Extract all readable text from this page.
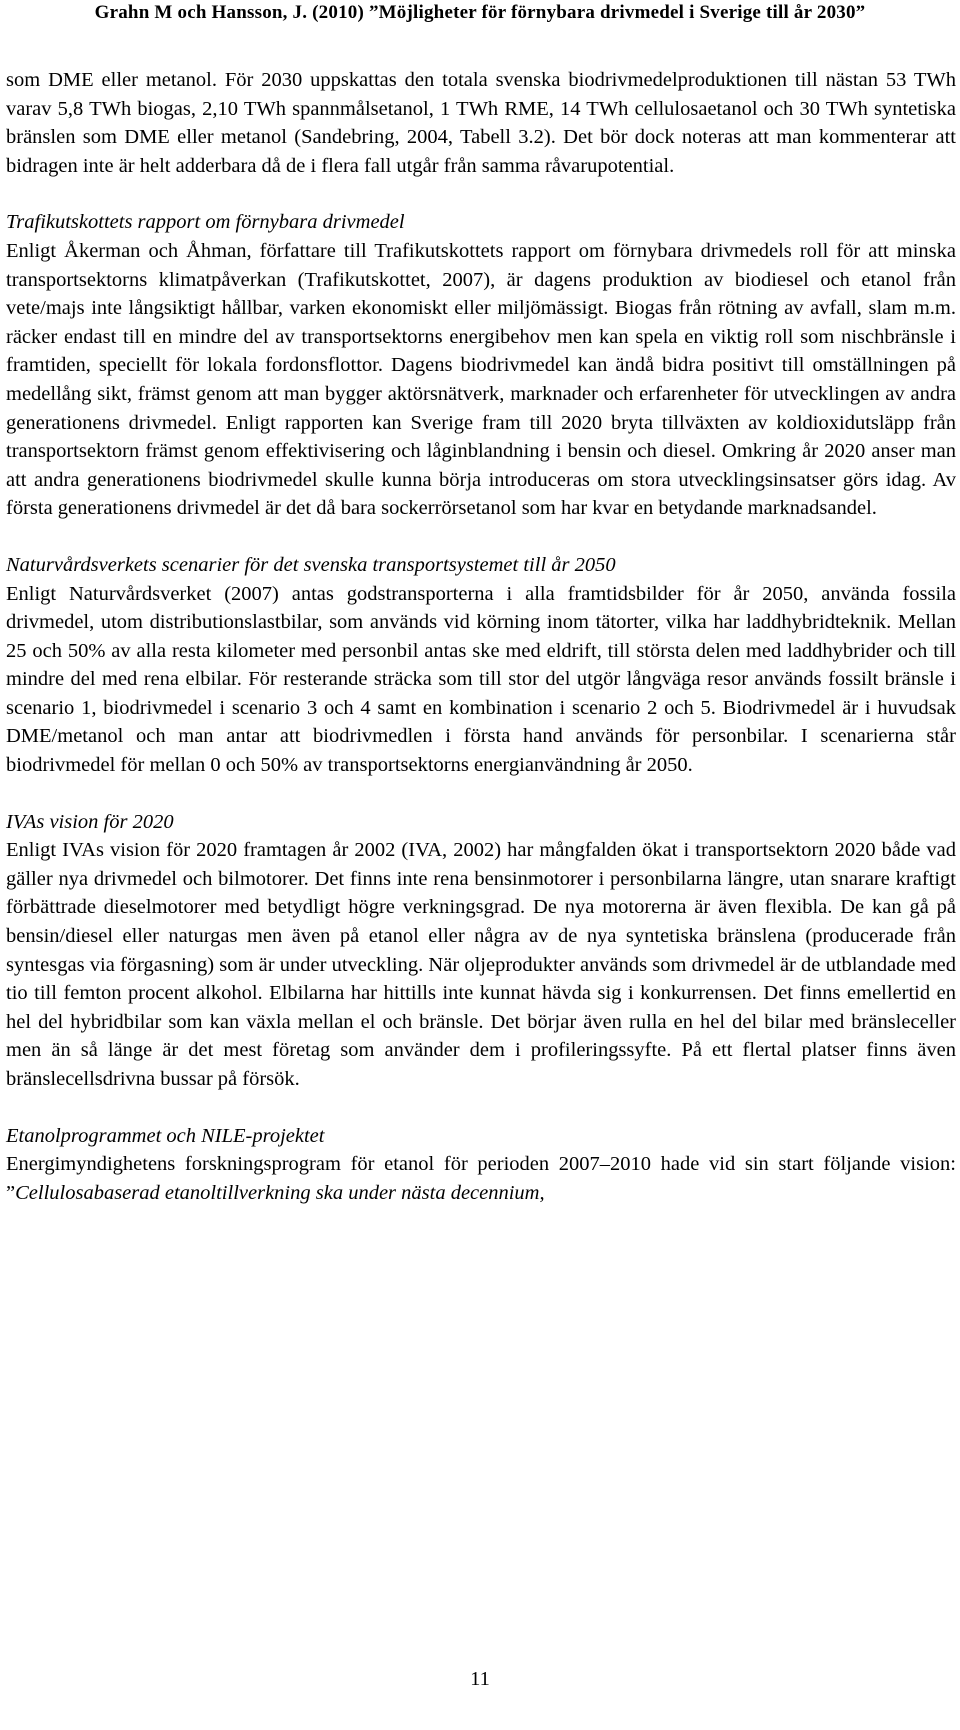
Grahn M och Hansson, J. (2010) ”Möjligheter för förnybara drivmedel i Sverige till år 2030”

som DME eller metanol. För 2030 uppskattas den totala svenska biodrivmedelproduktionen till nästan 53 TWh varav 5,8 TWh biogas, 2,10 TWh spannmålsetanol, 1 TWh RME, 14 TWh cellulosaetanol och 30 TWh syntetiska bränslen som DME eller metanol (Sandebring, 2004, Tabell 3.2). Det bör dock noteras att man kommenterar att bidragen inte är helt adderbara då de i flera fall utgår från samma råvarupotential.

Trafikutskottets rapport om förnybara drivmedel

Enligt Åkerman och Åhman, författare till Trafikutskottets rapport om förnybara drivmedels roll för att minska transportsektorns klimatpåverkan (Trafikutskottet, 2007), är dagens produktion av biodiesel och etanol från vete/majs inte långsiktigt hållbar, varken ekonomiskt eller miljömässigt. Biogas från rötning av avfall, slam m.m. räcker endast till en mindre del av transportsektorns energibehov men kan spela en viktig roll som nischbränsle i framtiden, speciellt för lokala fordonsflottor. Dagens biodrivmedel kan ändå bidra positivt till omställningen på medellång sikt, främst genom att man bygger aktörsnätverk, marknader och erfarenheter för utvecklingen av andra generationens drivmedel. Enligt rapporten kan Sverige fram till 2020 bryta tillväxten av koldioxidutsläpp från transportsektorn främst genom effektivisering och låginblandning i bensin och diesel. Omkring år 2020 anser man att andra generationens biodrivmedel skulle kunna börja introduceras om stora utvecklingsinsatser görs idag. Av första generationens drivmedel är det då bara sockerrörsetanol som har kvar en betydande marknadsandel.

Naturvårdsverkets scenarier för det svenska transportsystemet till år 2050

Enligt Naturvårdsverket (2007) antas godstransporterna i alla framtidsbilder för år 2050, använda fossila drivmedel, utom distributionslastbilar, som används vid körning inom tätorter, vilka har laddhybridteknik. Mellan 25 och 50% av alla resta kilometer med personbil antas ske med eldrift, till största delen med laddhybrider och till mindre del med rena elbilar. För resterande sträcka som till stor del utgör långväga resor används fossilt bränsle i scenario 1, biodrivmedel i scenario 3 och 4 samt en kombination i scenario 2 och 5. Biodrivmedel är i huvudsak DME/metanol och man antar att biodrivmedlen i första hand används för personbilar. I scenarierna står biodrivmedel för mellan 0 och 50% av transportsektorns energianvändning år 2050.

IVAs vision för 2020

Enligt IVAs vision för 2020 framtagen år 2002 (IVA, 2002) har mångfalden ökat i transportsektorn 2020 både vad gäller nya drivmedel och bilmotorer. Det finns inte rena bensinmotorer i personbilarna längre, utan snarare kraftigt förbättrade dieselmotorer med betydligt högre verkningsgrad. De nya motorerna är även flexibla. De kan gå på bensin/diesel eller naturgas men även på etanol eller några av de nya syntetiska bränslena (producerade från syntesgas via förgasning) som är under utveckling. När oljeprodukter används som drivmedel är de utblandade med tio till femton procent alkohol. Elbilarna har hittills inte kunnat hävda sig i konkurrensen. Det finns emellertid en hel del hybridbilar som kan växla mellan el och bränsle. Det börjar även rulla en hel del bilar med bränsleceller men än så länge är det mest företag som använder dem i profileringssyfte. På ett flertal platser finns även bränslecellsdrivna bussar på försök.

Etanolprogrammet och NILE-projektet

Energimyndighetens forskningsprogram för etanol för perioden 2007–2010 hade vid sin start följande vision: ”Cellulosabaserad etanoltillverkning ska under nästa decennium,

11
